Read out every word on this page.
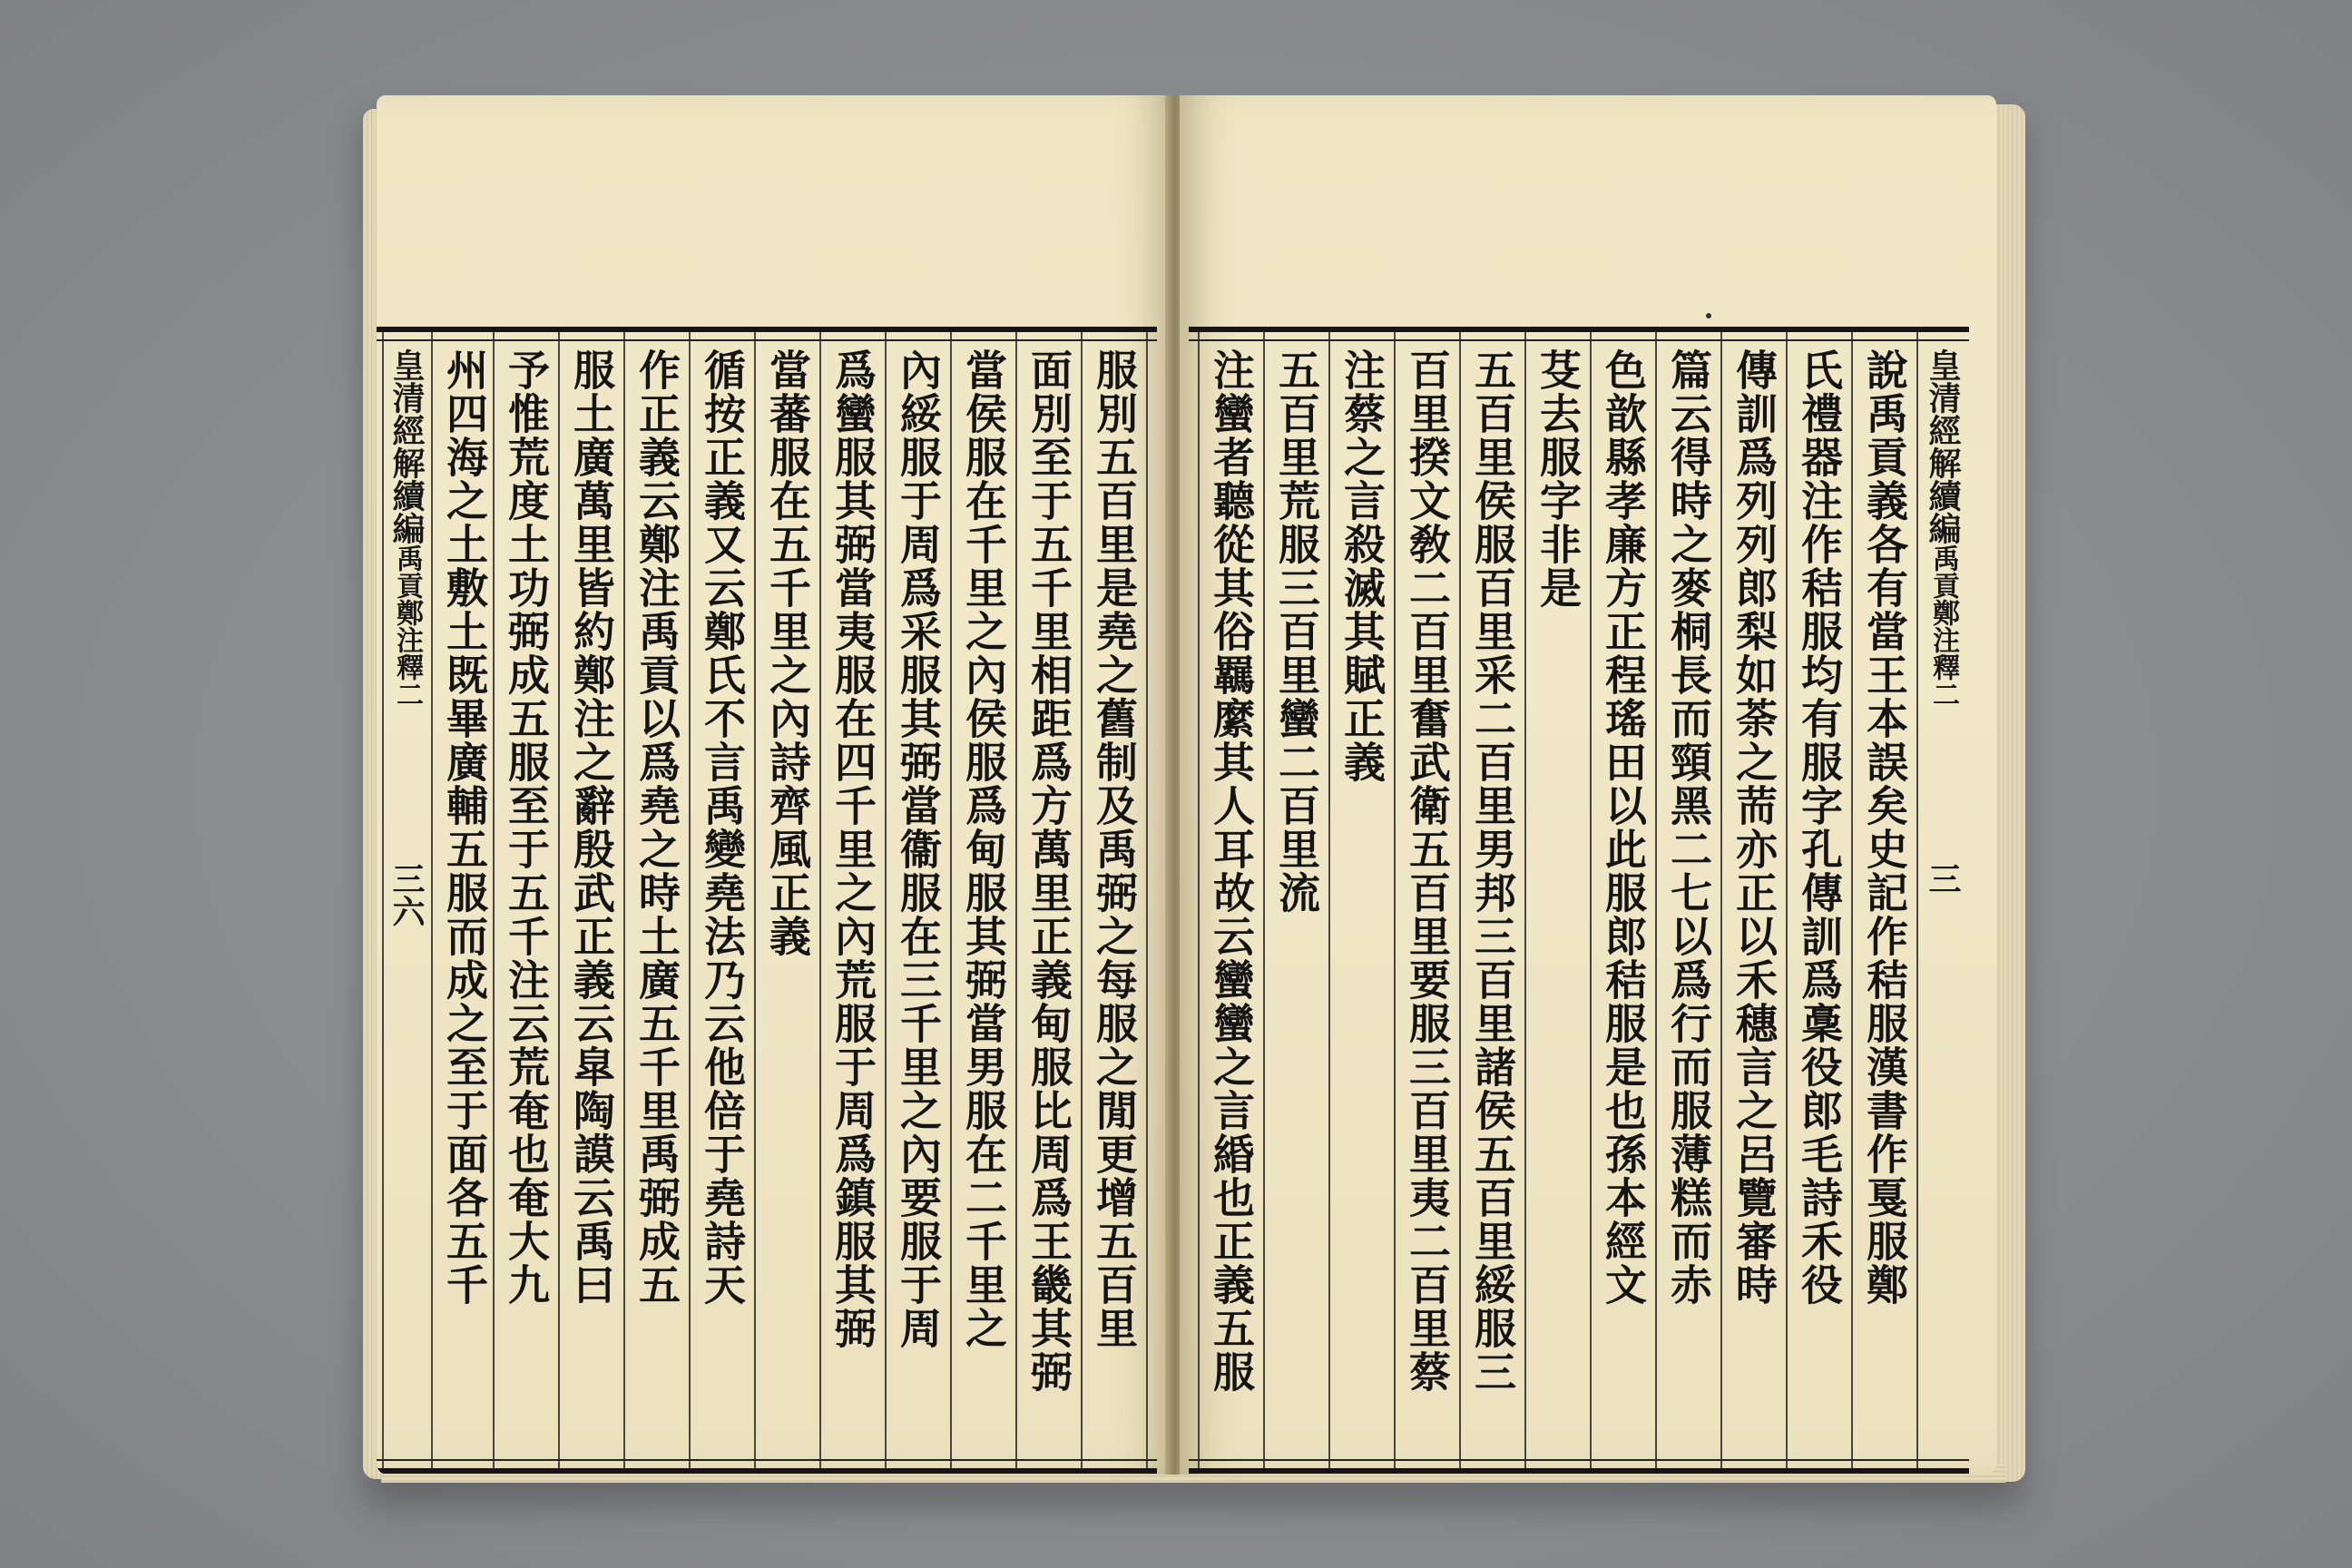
皇清經解續編禹貢鄭注釋二三六	服別五百里是堯之舊制及禹弼之每服之閒更增五百里
面別至于五千里相距爲方萬里正義甸服比周爲王畿其弼
當侯服在千里之內侯服爲甸服其弼當男服在二千里之
內綏服于周爲采服其弼當衞服在三千里之內要服于周
爲蠻服其弼當夷服在四千里之內荒服于周爲鎮服其弼
當蕃服在五千里之內詩齊風正義
循按正義又云鄭氏不言禹變堯法乃云他倍于堯詩天
作正義云鄭注禹貢以爲堯之時土廣五千里禹弼成五
服土廣萬里皆約鄭注之辭殷武正義云皐陶謨云禹曰
予惟荒度土功弼成五服至于五千注云荒奄也奄大九
州四海之土敷土既畢廣輔五服而成之至于面各五千	皇清經解續編禹貢鄭注釋二三
說禹貢義各有當王本誤矣史記作秸服漢書作戛服鄭
氏禮器注作秸服均有服字孔傳訓爲稾役郎毛詩禾役
傳訓爲列列郎梨如荼之荋亦正以禾穗言之呂覽審時
篇云得時之麥桐長而頸黑二七以爲行而服薄糕而赤
色歆縣孝廉方正程瑤田以此服郎秸服是也孫本經文
芟去服字非是
五百里侯服百里采二百里男邦三百里諸侯五百里綏服三
百里揆文敎二百里奮武衛五百里要服三百里夷二百里蔡
注蔡之言殺滅其賦正義
五百里荒服三百里蠻二百里流
注蠻者聽從其俗羈縻其人耳故云蠻蠻之言緍也正義五服
